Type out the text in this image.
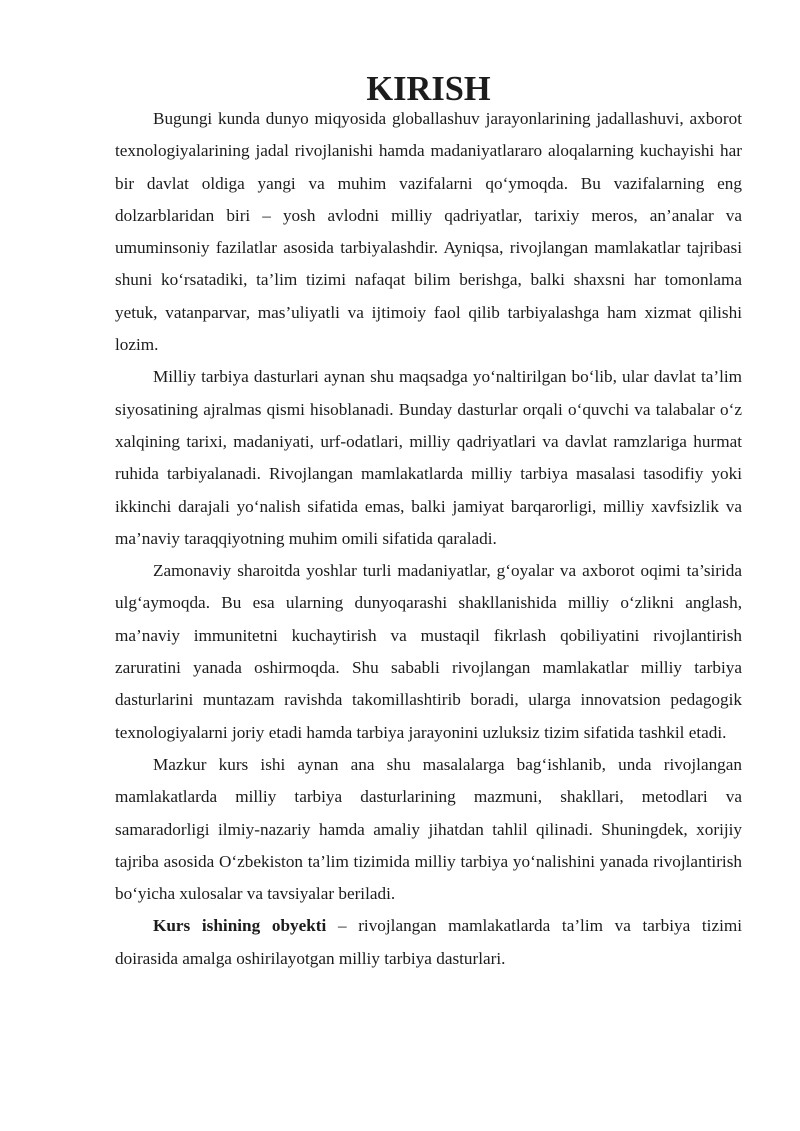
KIRISH

Bugungi kunda dunyo miqyosida globallashuv jarayonlarining jadallashuvi, axborot texnologiyalarining jadal rivojlanishi hamda madaniyatlararo aloqalarning kuchayishi har bir davlat oldiga yangi va muhim vazifalarni qo‘ymoqda. Bu vazifalarning eng dolzarblaridan biri – yosh avlodni milliy qadriyatlar, tarixiy meros, an’analar va umuminsoniy fazilatlar asosida tarbiyalashdir. Ayniqsa, rivojlangan mamlakatlar tajribasi shuni ko‘rsatadiki, ta’lim tizimi nafaqat bilim berishga, balki shaxsni har tomonlama yetuk, vatanparvar, mas’uliyatli va ijtimoiy faol qilib tarbiyalashga ham xizmat qilishi lozim.

Milliy tarbiya dasturlari aynan shu maqsadga yo‘naltirilgan bo‘lib, ular davlat ta’lim siyosatining ajralmas qismi hisoblanadi. Bunday dasturlar orqali o‘quvchi va talabalar o‘z xalqining tarixi, madaniyati, urf-odatlari, milliy qadriyatlari va davlat ramzlariga hurmat ruhida tarbiyalanadi. Rivojlangan mamlakatlarda milliy tarbiya masalasi tasodifiy yoki ikkinchi darajali yo‘nalish sifatida emas, balki jamiyat barqarorligi, milliy xavfsizlik va ma’naviy taraqqiyotning muhim omili sifatida qaraladi.

Zamonaviy sharoitda yoshlar turli madaniyatlar, g‘oyalar va axborot oqimi ta’sirida ulg‘aymoqda. Bu esa ularning dunyoqarashi shakllanishida milliy o‘zlikni anglash, ma’naviy immunitetni kuchaytirish va mustaqil fikrlash qobiliyatini rivojlantirish zaruratini yanada oshirmoqda. Shu sababli rivojlangan mamlakatlar milliy tarbiya dasturlarini muntazam ravishda takomillashtirib boradi, ularga innovatsion pedagogik texnologiyalarni joriy etadi hamda tarbiya jarayonini uzluksiz tizim sifatida tashkil etadi.

Mazkur kurs ishi aynan ana shu masalalarga bag‘ishlanib, unda rivojlangan mamlakatlarda milliy tarbiya dasturlarining mazmuni, shakllari, metodlari va samaradorligi ilmiy-nazariy hamda amaliy jihatdan tahlil qilinadi. Shuningdek, xorijiy tajriba asosida O‘zbekiston ta’lim tizimida milliy tarbiya yo‘nalishini yanada rivojlantirish bo‘yicha xulosalar va tavsiyalar beriladi.

Kurs ishining obyekti – rivojlangan mamlakatlarda ta’lim va tarbiya tizimi doirasida amalga oshirilayotgan milliy tarbiya dasturlari.
